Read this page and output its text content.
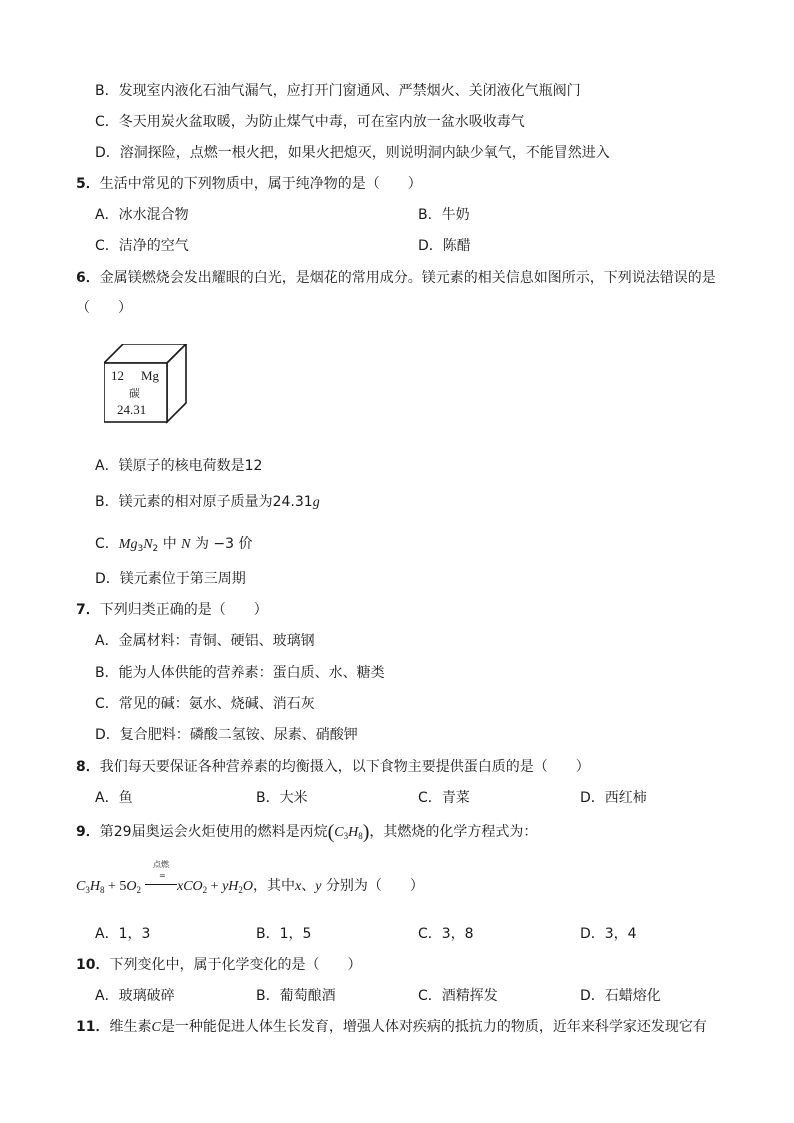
B．发现室内液化石油气漏气，应打开门窗通风、严禁烟火、关闭液化气瓶阀门
C．冬天用炭火盆取暖，为防止煤气中毒，可在室内放一盆水吸收毒气
D．溶洞探险，点燃一根火把，如果火把熄灭，则说明洞内缺少氧气，不能冒然进入
5．生活中常见的下列物质中，属于纯净物的是（　　）
A．冰水混合物	B．牛奶
C．洁净的空气	D．陈醋
6．金属镁燃烧会发出耀眼的白光，是烟花的常用成分。镁元素的相关信息如图所示，下列说法错误的是
（　　）
12 Mg
碳
24.31
A．镁原子的核电荷数是12
B．镁元素的相对原子质量为24.31g
C．$Mg_3N_2$ 中 N 为 −3 价
D．镁元素位于第三周期
7．下列归类正确的是（　　）
A．金属材料：青铜、硬铝、玻璃钢
B．能为人体供能的营养素：蛋白质、水、糖类
C．常见的碱：氨水、烧碱、消石灰
D．复合肥料：磷酸二氢铵、尿素、硝酸钾
8．我们每天要保证各种营养素的均衡摄入，以下食物主要提供蛋白质的是（　　）
A．鱼	B．大米	C．青菜	D．西红柿
9．第29届奥运会火炬使用的燃料是丙烷$(C_3H_8)$，其燃烧的化学方程式为：
点燃
=
$C_3H_8 + 5O_2$	$xCO_2 + yH_2O$，其中x、y 分别为（　　）
A．1，3	B．1，5	C．3，8	D．3，4
10．下列变化中，属于化学变化的是（　　）
A．玻璃破碎	B．葡萄酿酒	C．酒精挥发	D．石蜡熔化
11．维生素C是一种能促进人体生长发育，增强人体对疾病的抵抗力的物质，近年来科学家还发现它有
